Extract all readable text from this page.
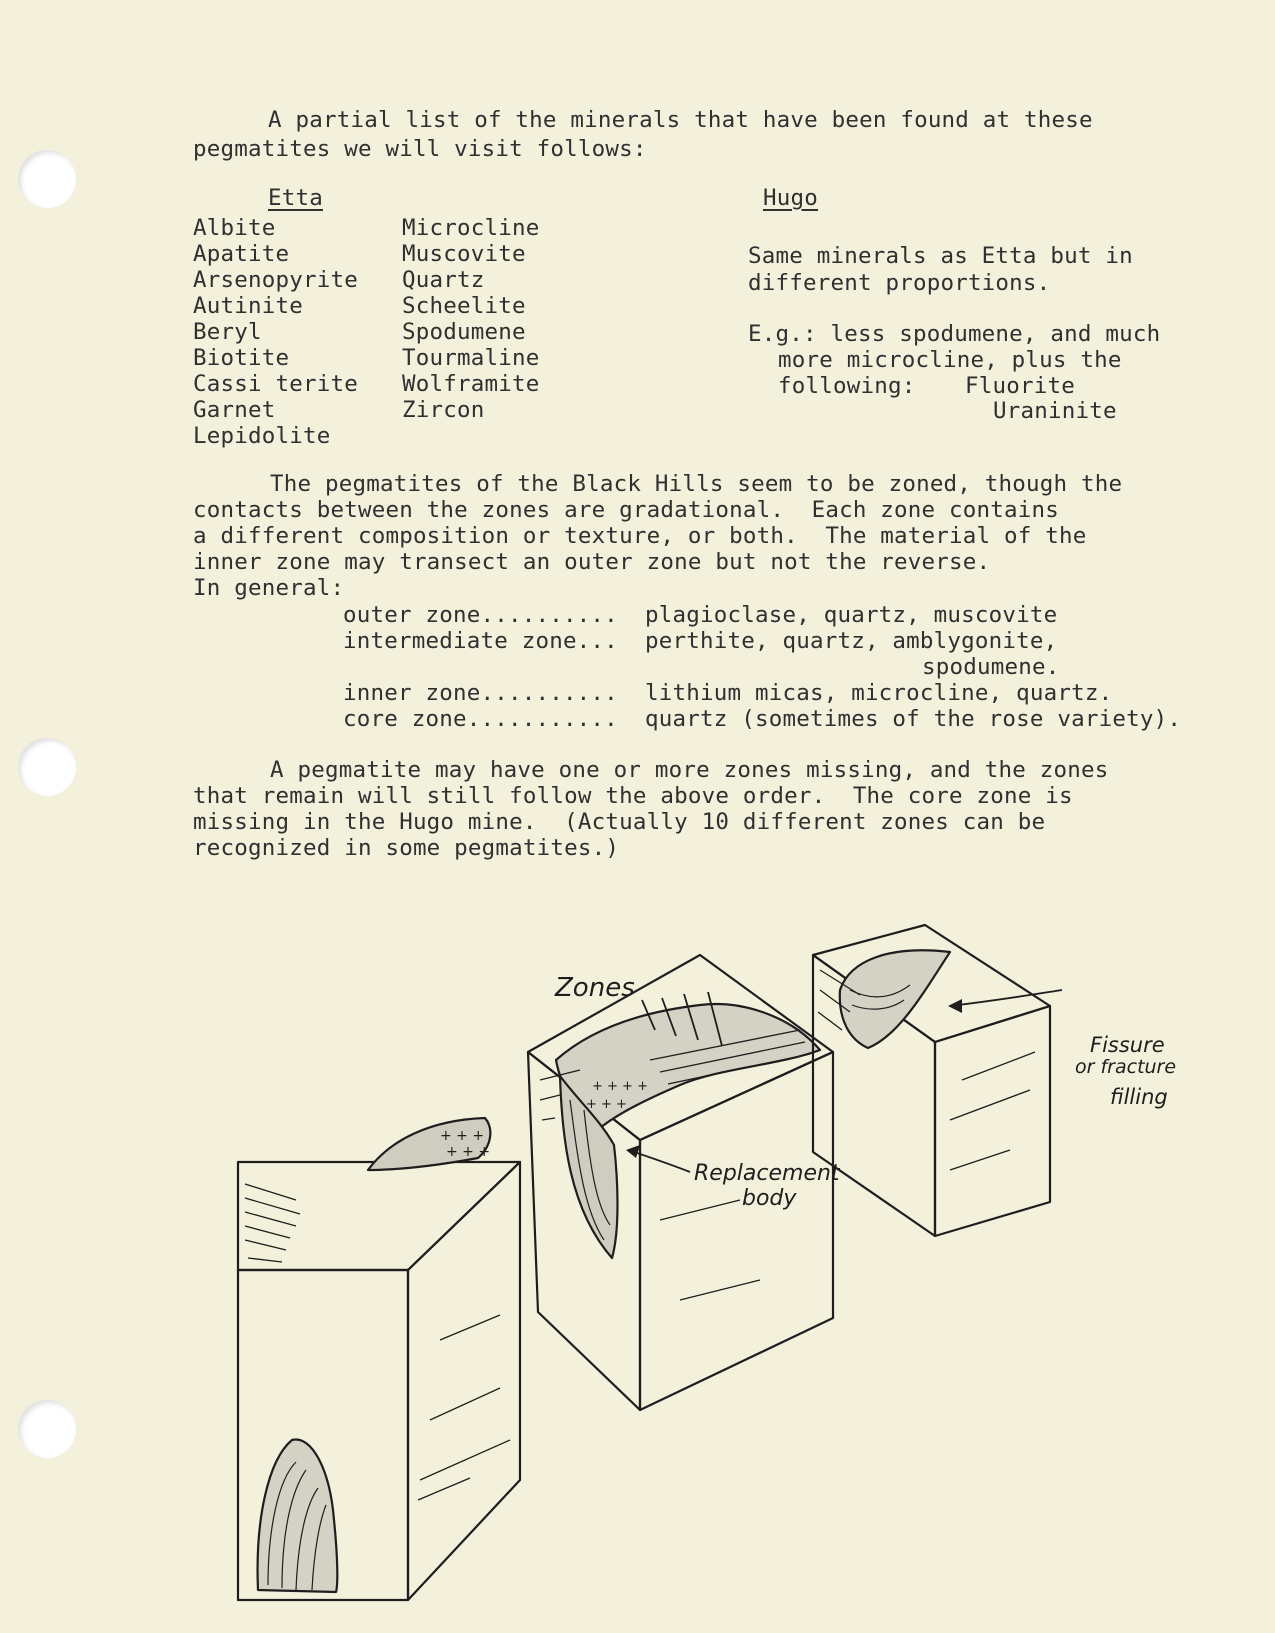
A partial list of the minerals that have been found at these
pegmatites we will visit follows:
Etta
Albite
Apatite
Arsenopyrite
Autinite
Beryl
Biotite
Cassi terite
Garnet
Lepidolite
Microcline
Muscovite
Quartz
Scheelite
Spodumene
Tourmaline
Wolframite
Zircon
Hugo
Same minerals as Etta but in
different proportions.
E.g.: less spodumene, and much
more microcline, plus the
following: Fluorite
Uraninite
The pegmatites of the Black Hills seem to be zoned, though the
contacts between the zones are gradational.  Each zone contains
a different composition or texture, or both.  The material of the
inner zone may transect an outer zone but not the reverse.
In general:
outer zone.......... plagioclase, quartz, muscovite
intermediate zone... perthite, quartz, amblygonite,
spodumene.
inner zone.......... lithium micas, microcline, quartz.
core zone........... quartz (sometimes of the rose variety).
A pegmatite may have one or more zones missing, and the zones
that remain will still follow the above order.  The core zone is
missing in the Hugo mine.  (Actually 10 different zones can be
recognized in some pegmatites.)
+ + +
+ + +
+ + + +
+ + +
Zones
Replacement
body
Fissure
or fracture
filling
